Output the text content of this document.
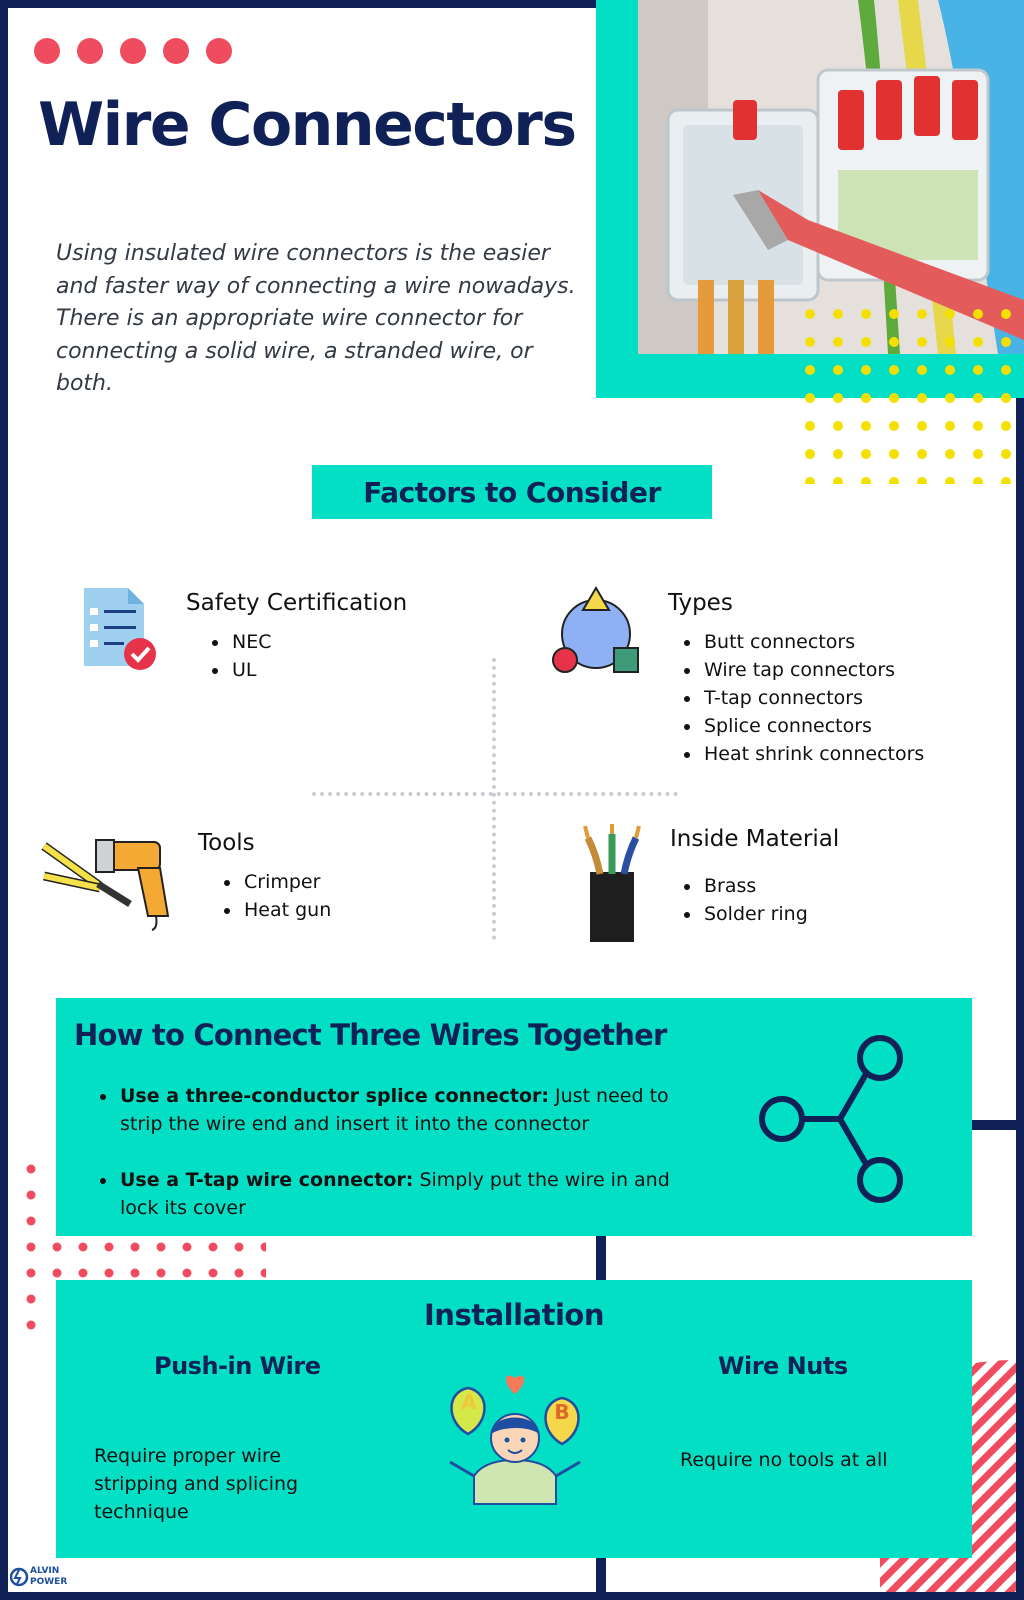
Wire Connectors
Using insulated wire connectors is the easier and faster way of connecting a wire nowadays. There is an appropriate wire connector for connecting a solid wire, a stranded wire, or both.
Factors to Consider
Safety Certification
NEC
UL
Types
Butt connectors
Wire tap connectors
T-tap connectors
Splice connectors
Heat shrink connectors
Tools
Crimper
Heat gun
Inside Material
Brass
Solder ring
How to Connect Three Wires Together
Use a three-conductor splice connector: Just need to strip the wire end and insert it into the connector
Use a T-tap wire connector: Simply put the wire in and lock its cover
Installation
Push-in Wire
Require proper wire stripping and splicing technique
Wire Nuts
Require no tools at all
A	B
ALVIN
POWER
